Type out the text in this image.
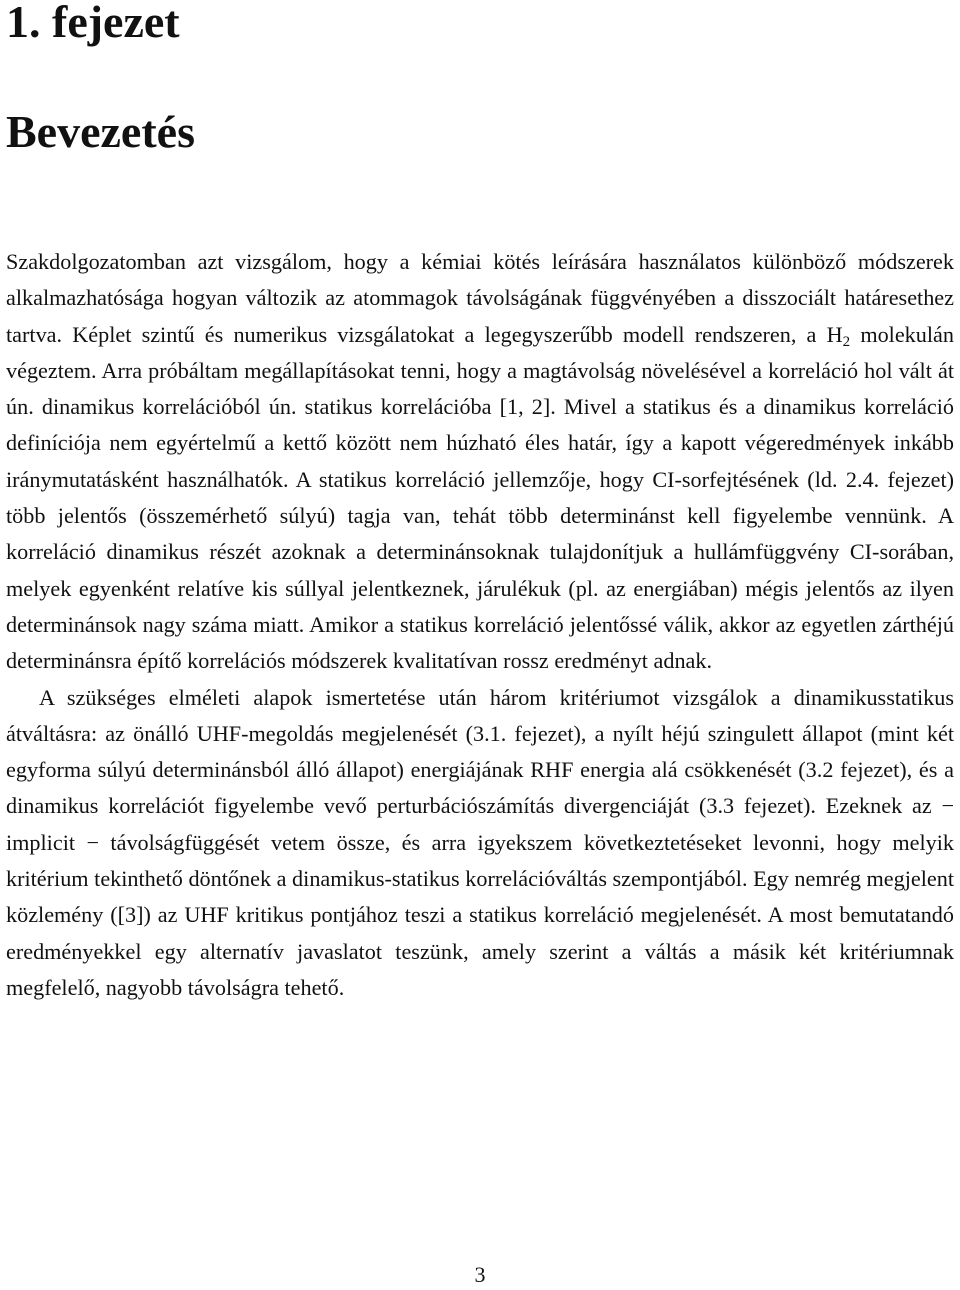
1. fejezet
Bevezetés

Szakdolgozatomban azt vizsgálom, hogy a kémiai kötés leírására használatos különböző módszerek alkalmazhatósága hogyan változik az atommagok távolságának függvényében a disszociált határesethez tartva. Képlet szintű és numerikus vizsgálatokat a legegyszerűbb modell rendszeren, a $H_2$ molekulán végeztem. Arra próbáltam megállapításokat tenni, hogy a magtávolság növelésével a korreláció hol vált át ún. dinamikus korrelációból ún. statikus korrelációba [1, 2]. Mivel a statikus és a dinamikus korreláció definíciója nem egyértelmű a kettő között nem húzható éles határ, így a kapott végeredmények inkább iránymutatásként használhatók. A statikus korreláció jellemzője, hogy CI-sorfejtésének (ld. 2.4. fejezet) több jelentős (összemérhető súlyú) tagja van, tehát több determinánst kell figyelembe vennünk. A korreláció dinamikus részét azoknak a determinánsoknak tulajdonítjuk a hullámfüggvény CI-sorában, melyek egyenként relatíve kis súllyal jelentkeznek, járulékuk (pl. az energiában) mégis jelentős az ilyen determinánsok nagy száma miatt. Amikor a statikus korreláció jelentőssé válik, akkor az egyetlen zárthéjú determinánsra építő korrelációs módszerek kvalitatívan rossz eredményt adnak.

A szükséges elméleti alapok ismertetése után három kritériumot vizsgálok a dinamikusstatikus átváltásra: az önálló UHF-megoldás megjelenését (3.1. fejezet), a nyílt héjú szingulett állapot (mint két egyforma súlyú determinánsból álló állapot) energiájának RHF energia alá csökkenését (3.2 fejezet), és a dinamikus korrelációt figyelembe vevő perturbációszámítás divergenciáját (3.3 fejezet). Ezeknek az − implicit − távolságfüggését vetem össze, és arra igyekszem következtetéseket levonni, hogy melyik kritérium tekinthető döntőnek a dinamikus-statikus korrelációváltás szempontjából. Egy nemrég megjelent közlemény ([3]) az UHF kritikus pontjához teszi a statikus korreláció megjelenését. A most bemutatandó eredményekkel egy alternatív javaslatot teszünk, amely szerint a váltás a másik két kritériumnak megfelelő, nagyobb távolságra tehető.

3
